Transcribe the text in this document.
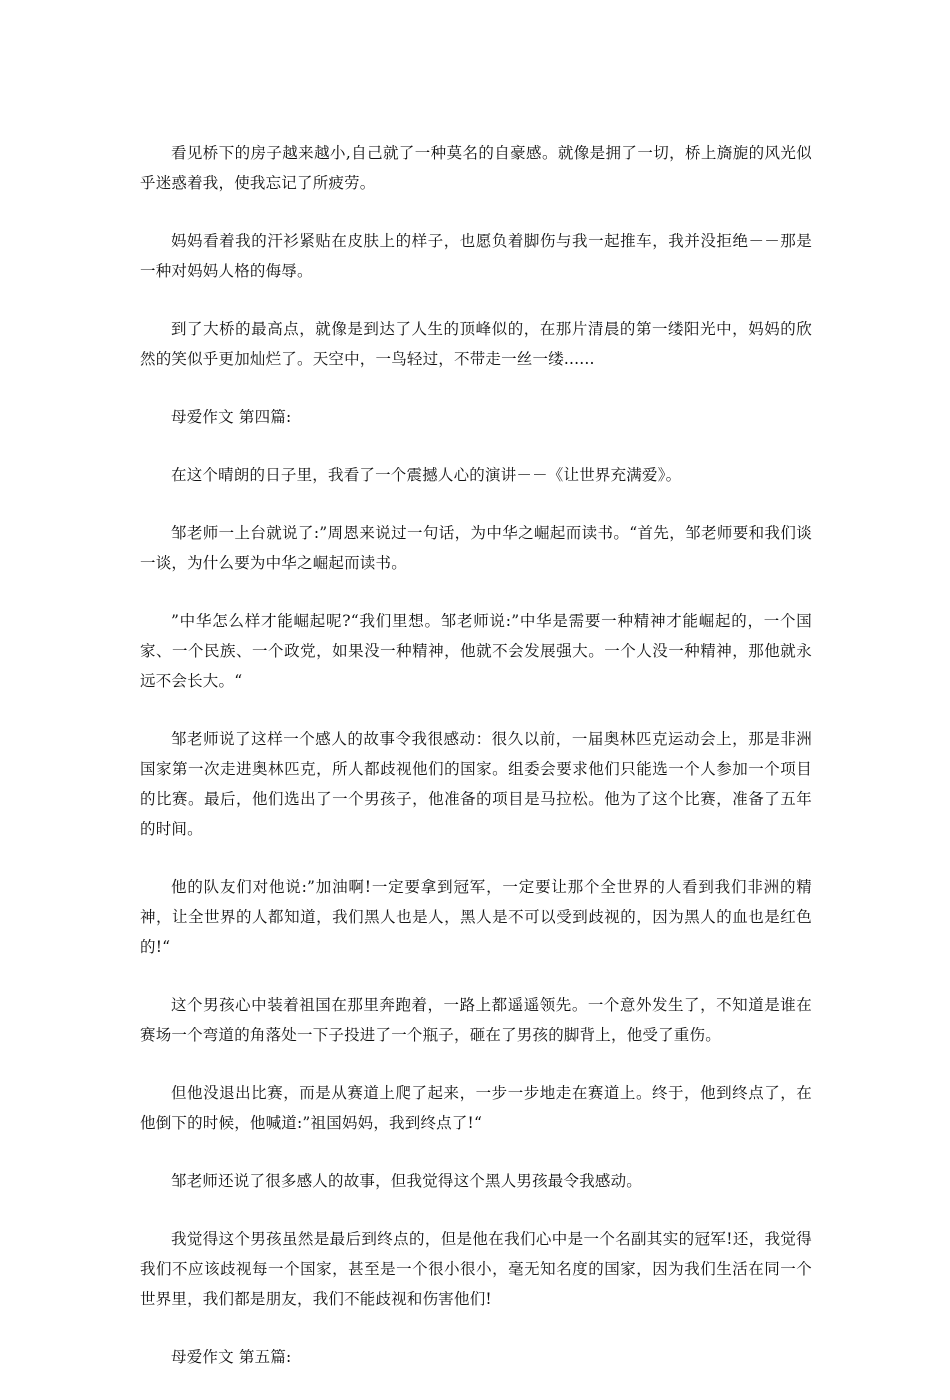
看见桥下的房子越来越小,自己就了一种莫名的自豪感。就像是拥了一切，桥上旖旎的风光似乎迷惑着我，使我忘记了所疲劳。

妈妈看着我的汗衫紧贴在皮肤上的样子，也愿负着脚伤与我一起推车，我并没拒绝－－那是一种对妈妈人格的侮辱。

到了大桥的最高点，就像是到达了人生的顶峰似的，在那片清晨的第一缕阳光中，妈妈的欣然的笑似乎更加灿烂了。天空中，一鸟轻过，不带走一丝一缕......

母爱作文 第四篇:

在这个晴朗的日子里，我看了一个震撼人心的演讲－－《让世界充满爱》。

邹老师一上台就说了:”周恩来说过一句话，为中华之崛起而读书。“首先，邹老师要和我们谈一谈，为什么要为中华之崛起而读书。

”中华怎么样才能崛起呢?“我们里想。邹老师说:”中华是需要一种精神才能崛起的，一个国家、一个民族、一个政党，如果没一种精神，他就不会发展强大。一个人没一种精神，那他就永远不会长大。“

邹老师说了这样一个感人的故事令我很感动：很久以前，一届奥林匹克运动会上，那是非洲国家第一次走进奥林匹克，所人都歧视他们的国家。组委会要求他们只能选一个人参加一个项目的比赛。最后，他们选出了一个男孩子，他准备的项目是马拉松。他为了这个比赛，准备了五年的时间。

他的队友们对他说:”加油啊!一定要拿到冠军，一定要让那个全世界的人看到我们非洲的精神，让全世界的人都知道，我们黑人也是人，黑人是不可以受到歧视的，因为黑人的血也是红色的!“

这个男孩心中装着祖国在那里奔跑着，一路上都遥遥领先。一个意外发生了，不知道是谁在赛场一个弯道的角落处一下子投进了一个瓶子，砸在了男孩的脚背上，他受了重伤。

但他没退出比赛，而是从赛道上爬了起来，一步一步地走在赛道上。终于，他到终点了，在他倒下的时候，他喊道:”祖国妈妈，我到终点了!“

邹老师还说了很多感人的故事，但我觉得这个黑人男孩最令我感动。

我觉得这个男孩虽然是最后到终点的，但是他在我们心中是一个名副其实的冠军!还，我觉得我们不应该歧视每一个国家，甚至是一个很小很小，毫无知名度的国家，因为我们生活在同一个世界里，我们都是朋友，我们不能歧视和伤害他们!

母爱作文 第五篇:
